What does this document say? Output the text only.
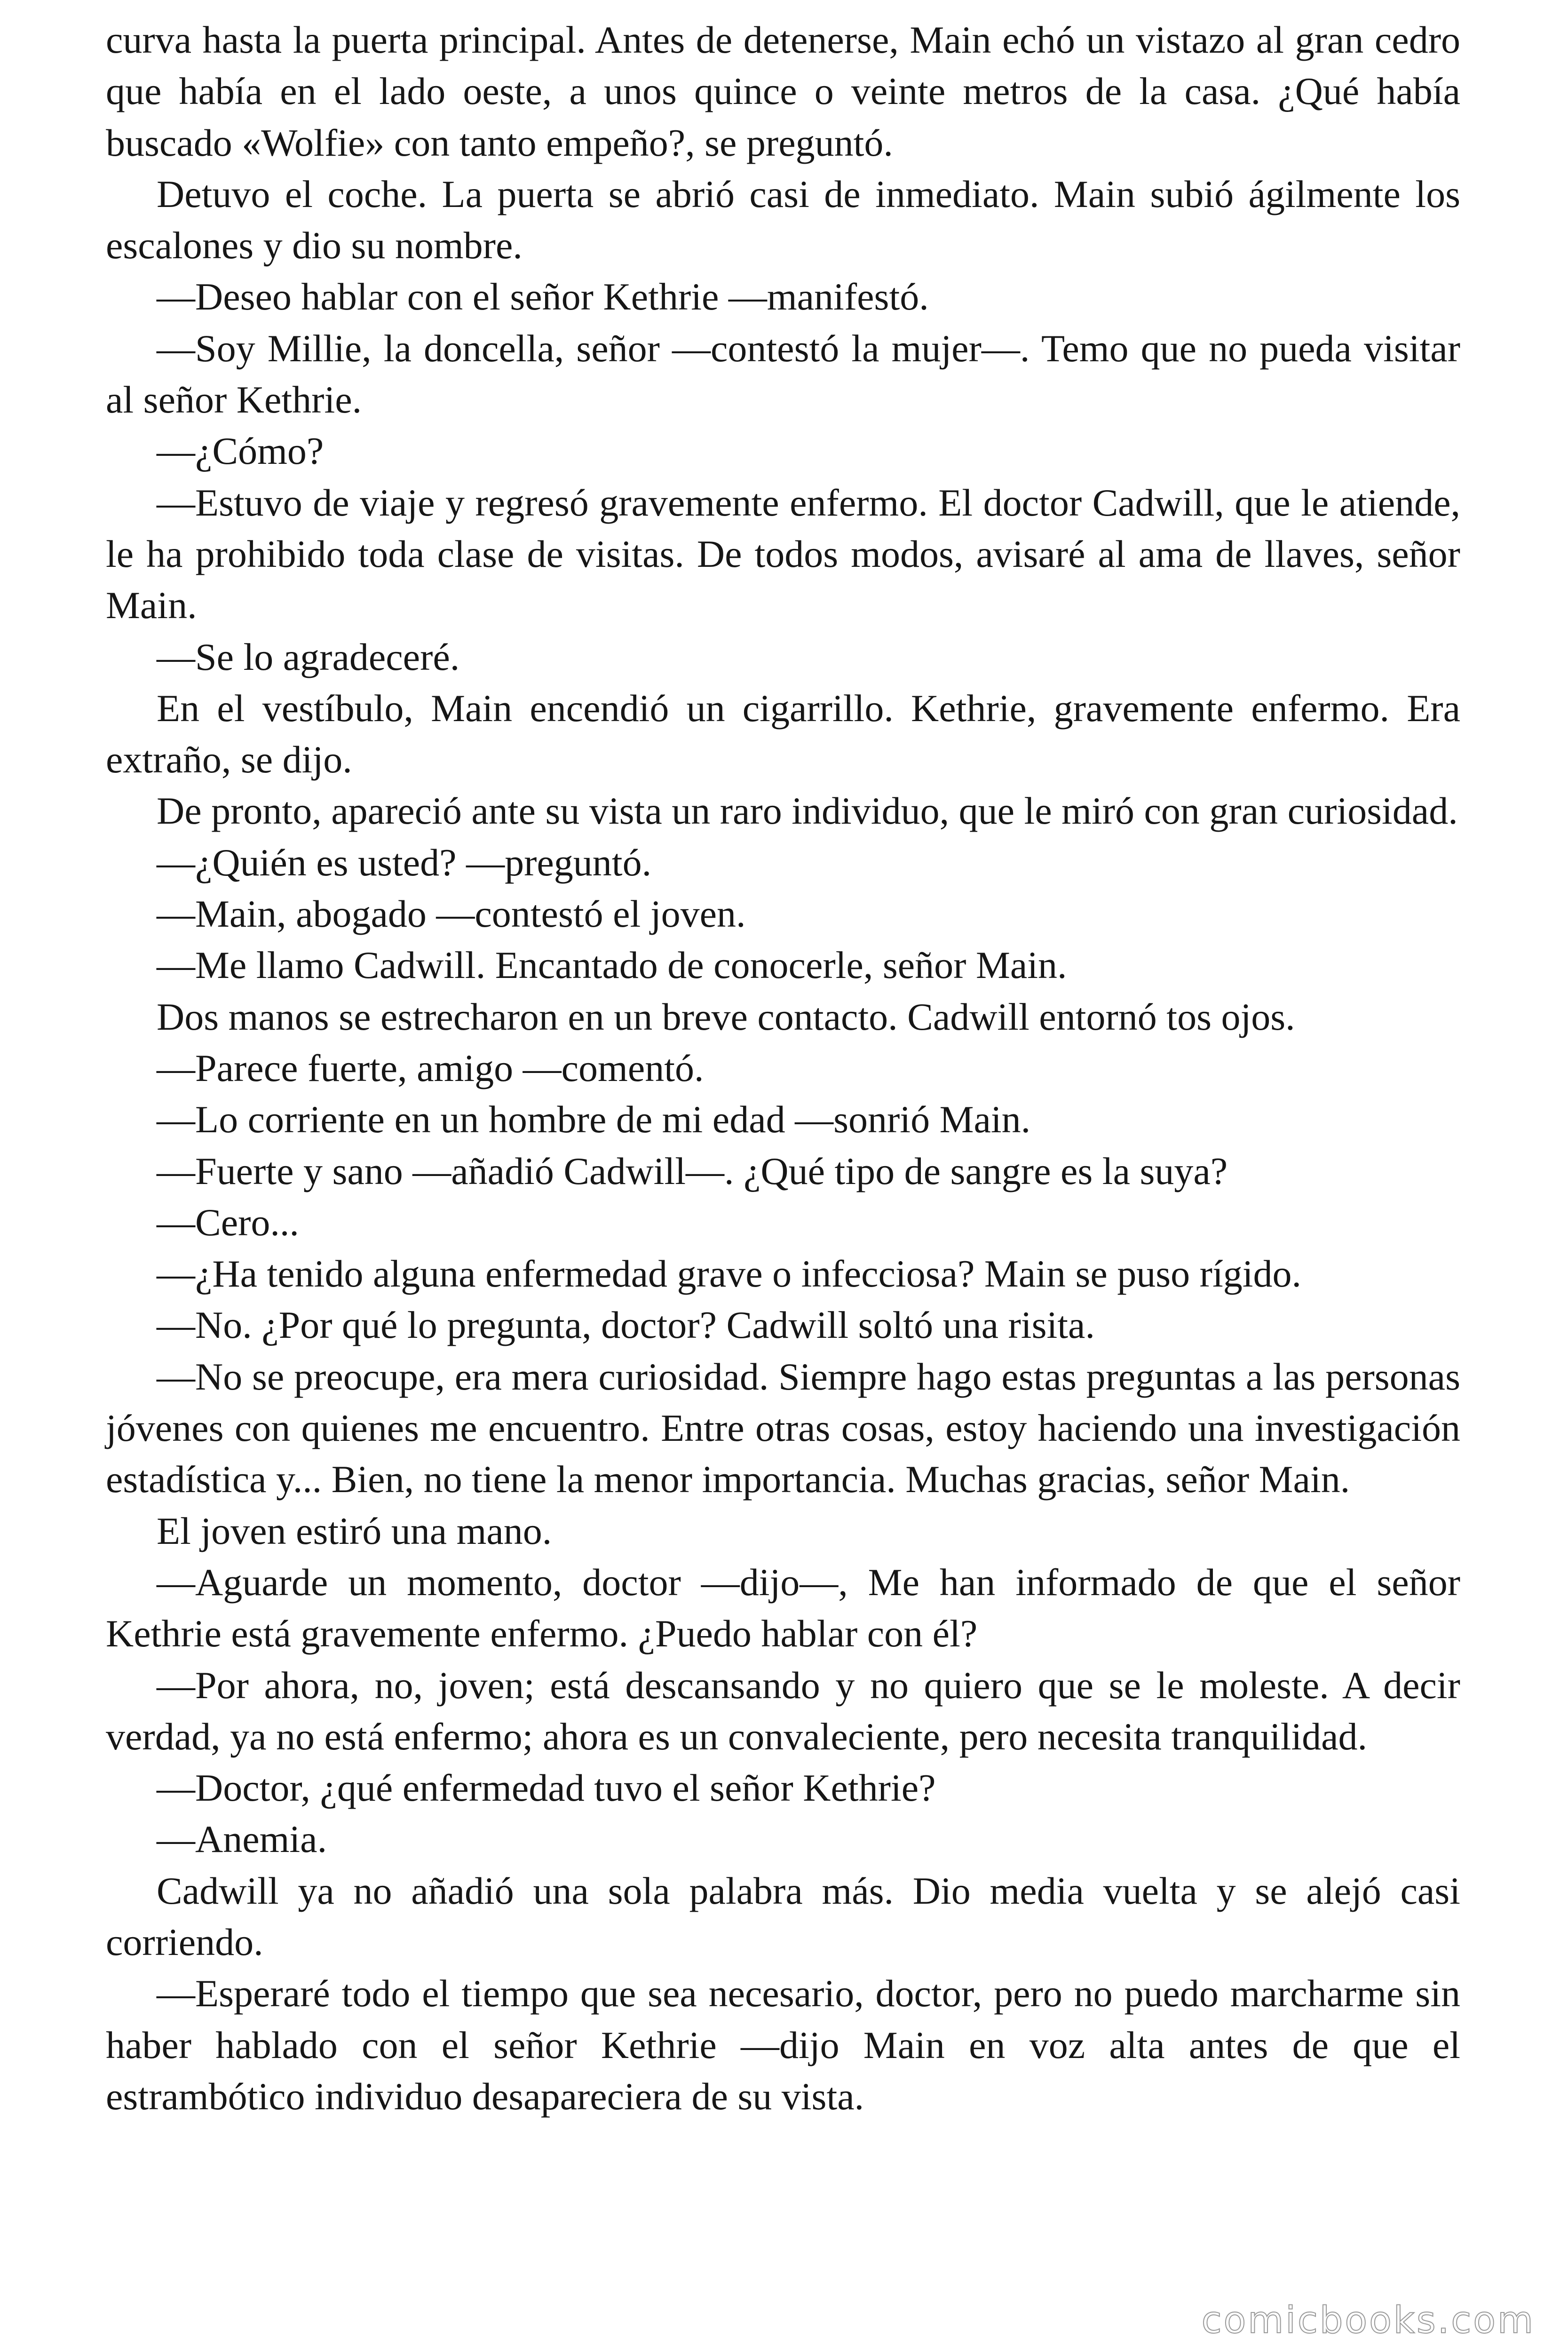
curva hasta la puerta principal. Antes de detenerse, Main echó un vistazo al gran cedro que había en el lado oeste, a unos quince o veinte metros de la casa. ¿Qué había buscado «Wolfie» con tanto empeño?, se preguntó.

Detuvo el coche. La puerta se abrió casi de inmediato. Main subió ágilmente los escalones y dio su nombre.

—Deseo hablar con el señor Kethrie —manifestó.

—Soy Millie, la doncella, señor —contestó la mujer—. Temo que no pueda visitar al señor Kethrie.

—¿Cómo?

—Estuvo de viaje y regresó gravemente enfermo. El doctor Cadwill, que le atiende, le ha prohibido toda clase de visitas. De todos modos, avisaré al ama de llaves, señor Main.

—Se lo agradeceré.

En el vestíbulo, Main encendió un cigarrillo. Kethrie, gravemente enfermo. Era extraño, se dijo.

De pronto, apareció ante su vista un raro individuo, que le miró con gran curiosidad.

—¿Quién es usted? —preguntó.

—Main, abogado —contestó el joven.

—Me llamo Cadwill. Encantado de conocerle, señor Main.

Dos manos se estrecharon en un breve contacto. Cadwill entornó tos ojos.

—Parece fuerte, amigo —comentó.

—Lo corriente en un hombre de mi edad —sonrió Main.

—Fuerte y sano —añadió Cadwill—. ¿Qué tipo de sangre es la suya?

—Cero...

—¿Ha tenido alguna enfermedad grave o infecciosa? Main se puso rígido.

—No. ¿Por qué lo pregunta, doctor? Cadwill soltó una risita.

—No se preocupe, era mera curiosidad. Siempre hago estas preguntas a las personas jóvenes con quienes me encuentro. Entre otras cosas, estoy haciendo una investigación estadística y... Bien, no tiene la menor importancia. Muchas gracias, señor Main.

El joven estiró una mano.

—Aguarde un momento, doctor —dijo—, Me han informado de que el señor Kethrie está gravemente enfermo. ¿Puedo hablar con él?

—Por ahora, no, joven; está descansando y no quiero que se le moleste. A decir verdad, ya no está enfermo; ahora es un convaleciente, pero necesita tranquilidad.

—Doctor, ¿qué enfermedad tuvo el señor Kethrie?

—Anemia.

Cadwill ya no añadió una sola palabra más. Dio media vuelta y se alejó casi corriendo.

—Esperaré todo el tiempo que sea necesario, doctor, pero no puedo marcharme sin haber hablado con el señor Kethrie —dijo Main en voz alta antes de que el estrambótico individuo desapareciera de su vista.

comicbooks.com
